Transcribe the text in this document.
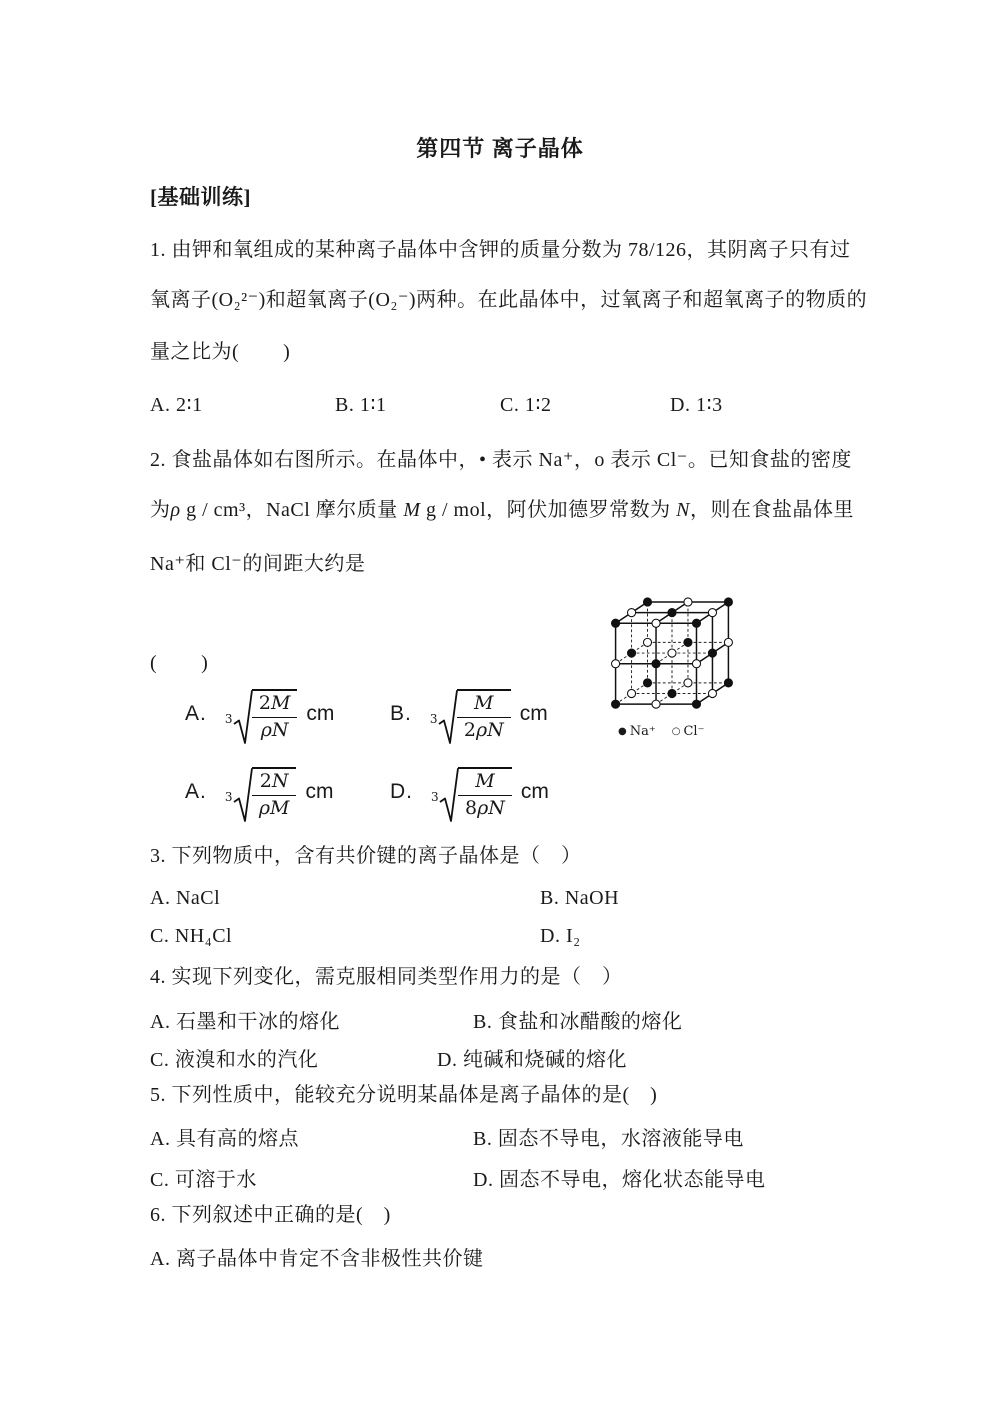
第四节 离子晶体
[基础训练]
1. 由钾和氧组成的某种离子晶体中含钾的质量分数为 78/126，其阴离子只有过
氧离子(O₂²⁻)和超氧离子(O₂⁻)两种。在此晶体中，过氧离子和超氧离子的物质的
量之比为(        )
A. 2∶1	B. 1∶1	C. 1∶2	D. 1∶3
2. 食盐晶体如右图所示。在晶体中，• 表示 Na⁺，o 表示 Cl⁻。已知食盐的密度
为ρ g / cm³，NaCl 摩尔质量 M g / mol，阿伏加德罗常数为 N，则在食盐晶体里
Na⁺和 Cl⁻的间距大约是
(        )
A. $3 \frac{2M}{\rho N}$ cm	B. $3 \frac{M}{2\rho N}$ cm
A. $3 \frac{2N}{\rho M}$ cm	D. $3 \frac{M}{8\rho N}$ cm
● Na⁺ ○ Cl⁻
3. 下列物质中，含有共价键的离子晶体是（　）
A. NaCl	B. NaOH
C. NH₄Cl	D. I₂
4. 实现下列变化，需克服相同类型作用力的是（　）
A. 石墨和干冰的熔化	B. 食盐和冰醋酸的熔化
C. 液溴和水的汽化	D. 纯碱和烧碱的熔化
5. 下列性质中，能较充分说明某晶体是离子晶体的是(　)
A. 具有高的熔点	B. 固态不导电，水溶液能导电
C. 可溶于水	D. 固态不导电，熔化状态能导电
6. 下列叙述中正确的是(　)
A. 离子晶体中肯定不含非极性共价键
